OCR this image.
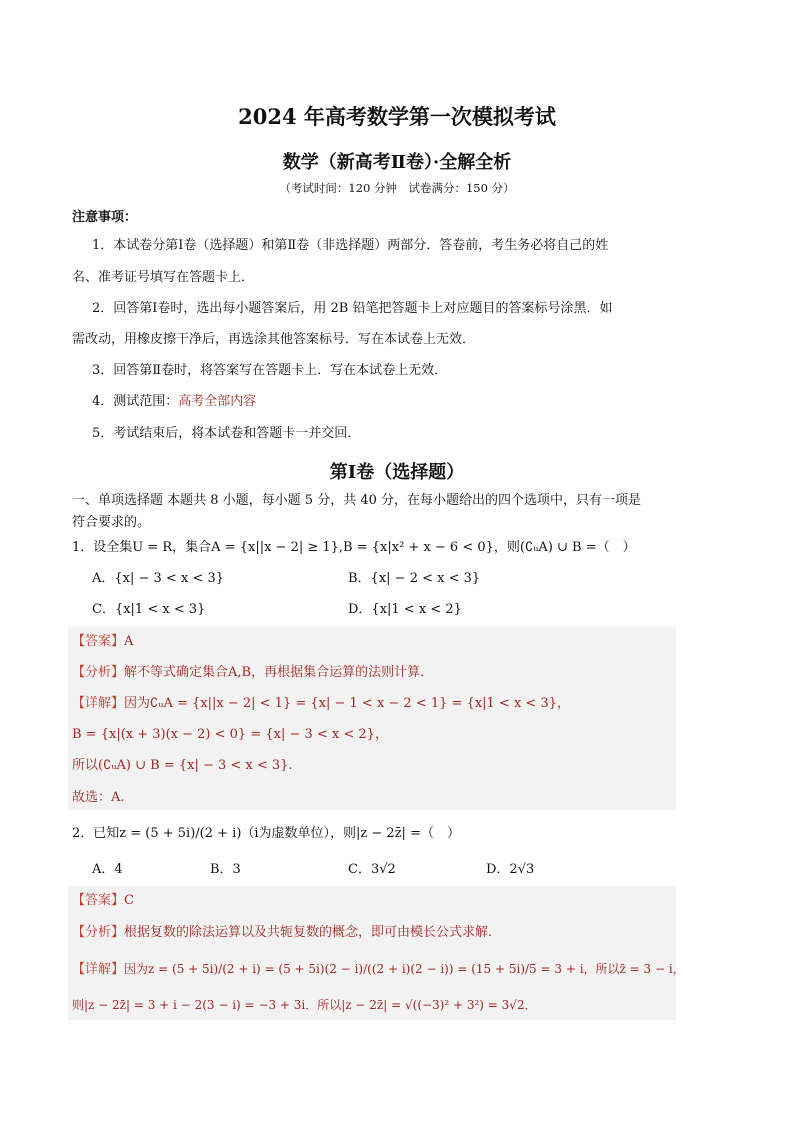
2024 年高考数学第一次模拟考试
数学（新高考Ⅱ卷）·全解全析
（考试时间：120 分钟　试卷满分：150 分）
注意事项：
1．本试卷分第Ⅰ卷（选择题）和第Ⅱ卷（非选择题）两部分．答卷前，考生务必将自己的姓
名、准考证号填写在答题卡上．
2．回答第Ⅰ卷时，选出每小题答案后，用 2B 铅笔把答题卡上对应题目的答案标号涂黑．如
需改动，用橡皮擦干净后，再选涂其他答案标号．写在本试卷上无效．
3．回答第Ⅱ卷时，将答案写在答题卡上．写在本试卷上无效．
4．测试范围：高考全部内容
5．考试结束后，将本试卷和答题卡一并交回．
第Ⅰ卷（选择题）
一、单项选择题 本题共 8 小题，每小题 5 分，共 40 分，在每小题给出的四个选项中，只有一项是
符合要求的。
1．设全集U = R，集合A = {x||x − 2| ≥ 1},B = {x|x² + x − 6 < 0}，则(∁ᵤA) ∪ B =（　）
A．{x| − 3 < x < 3}	B．{x| − 2 < x < 3}
C．{x|1 < x < 3}	D．{x|1 < x < 2}
【答案】A
【分析】解不等式确定集合A,B，再根据集合运算的法则计算．
【详解】因为∁ᵤA = {x||x − 2| < 1} = {x| − 1 < x − 2 < 1} = {x|1 < x < 3}，
B = {x|(x + 3)(x − 2) < 0} = {x| − 3 < x < 2}，
所以(∁ᵤA) ∪ B = {x| − 3 < x < 3}.
故选：A.
2．已知z = (5 + 5i)/(2 + i)（i为虚数单位），则|z − 2z̄| =（　）
A．4	B．3	C．3√2	D．2√3
【答案】C
【分析】根据复数的除法运算以及共轭复数的概念，即可由模长公式求解.
【详解】因为z = (5 + 5i)/(2 + i) = (5 + 5i)(2 − i)/((2 + i)(2 − i)) = (15 + 5i)/5 = 3 + i，所以z̄ = 3 − i，
则|z − 2z̄| = 3 + i − 2(3 − i) = −3 + 3i．所以|z − 2z̄| = √((−3)² + 3²) = 3√2．
